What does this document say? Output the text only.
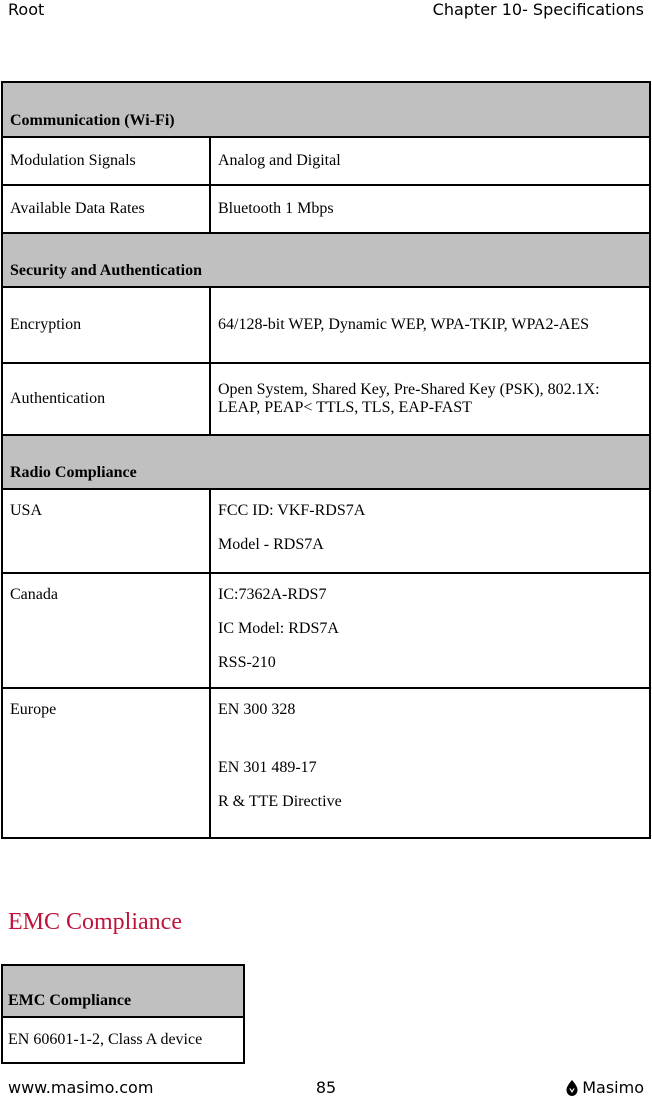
Root	Chapter 10- Specifications
Communication (Wi-Fi)	
Modulation Signals	Analog and Digital
Available Data Rates	Bluetooth 1 Mbps
Security and Authentication	
Encryption	64/128-bit WEP, Dynamic WEP, WPA-TKIP, WPA2-AES

Authentication	Open System, Shared Key, Pre-Shared Key (PSK), 802.1X: LEAP, PEAP< TTLS, TLS, EAP-FAST

Radio Compliance	
USA	FCC ID: VKF-RDS7A
Model - RDS7A

Canada	IC:7362A-RDS7
IC Model: RDS7A
RSS-210

Europe	EN 300 328
EN 301 489-17
R & TTE Directive
EMC Compliance
EMC Compliance
EN 60601-1-2, Class A device
www.masimo.com	85	Masimo
